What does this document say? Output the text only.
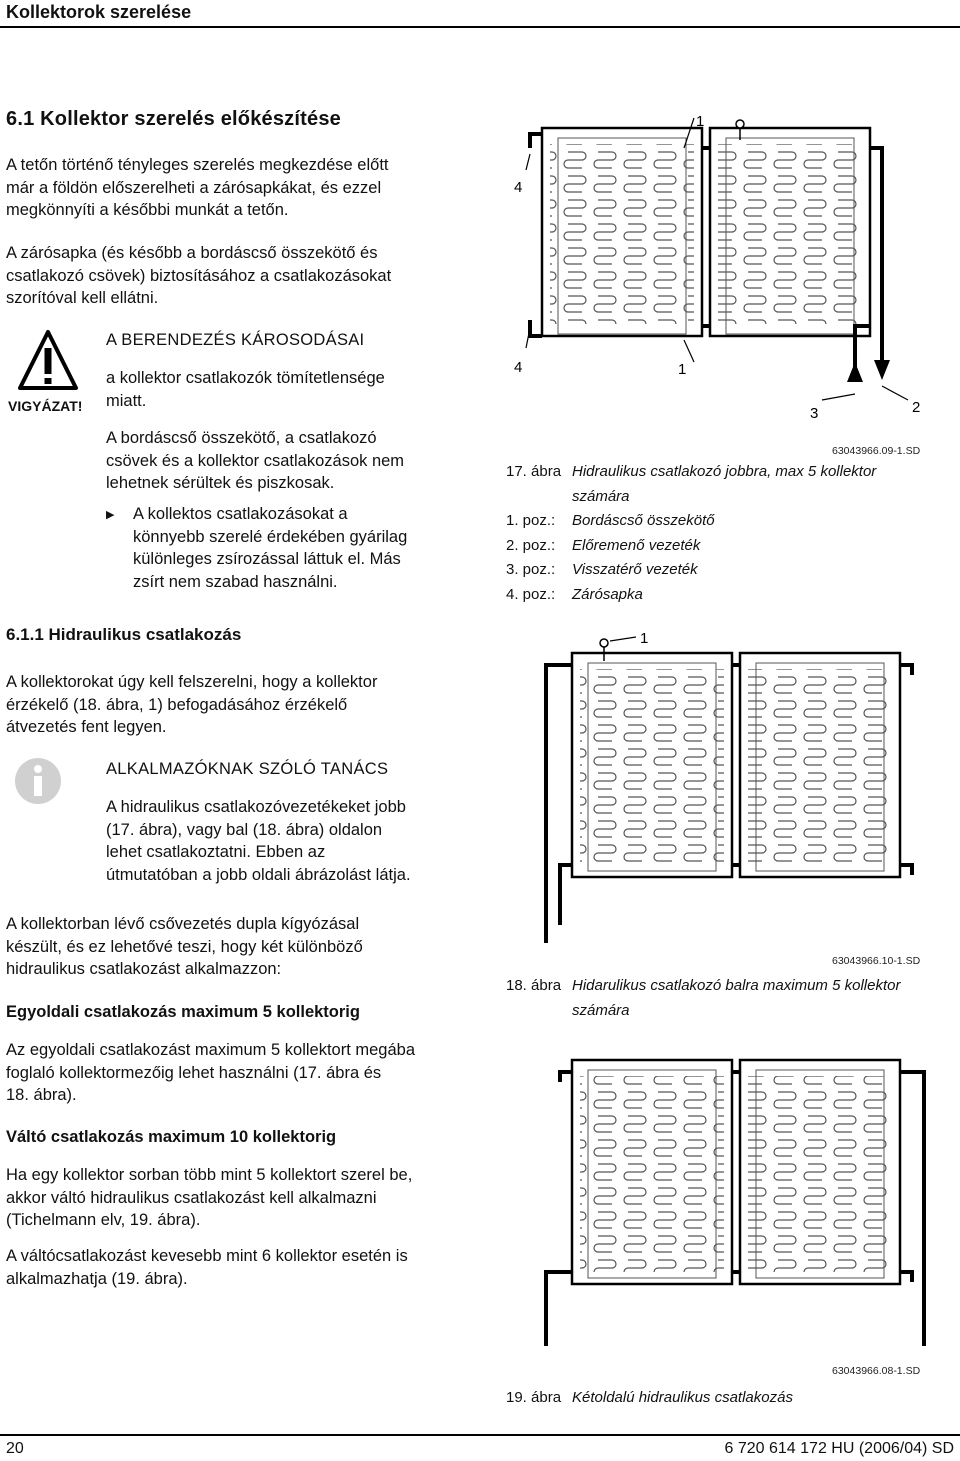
Kollektorok szerelése
6.1 Kollektor szerelés előkészítése
A tetőn történő tényleges szerelés megkezdése előtt
már a földön előszerelheti a zárósapkákat, és ezzel
megkönnyíti a későbbi munkát a tetőn.
A zárósapka (és később a bordáscső összekötő és
csatlakozó csövek) biztosításához a csatlakozásokat
szorítóval kell ellátni.
VIGYÁZAT!
A BERENDEZÉS KÁROSODÁSAI
a kollektor csatlakozók tömítetlensége
miatt.
A bordáscső összekötő, a csatlakozó
csövek és a kollektor csatlakozások nem
lehetnek sérültek és piszkosak.
▶ A kollektos csatlakozásokat a
könnyebb szerelé érdekében gyárilag
különleges zsírozással láttuk el. Más
zsírt nem szabad használni.
6.1.1 Hidraulikus csatlakozás
A kollektorokat úgy kell felszerelni, hogy a kollektor
érzékelő (18. ábra, 1) befogadásához érzékelő
átvezetés fent legyen.
ALKALMAZÓKNAK SZÓLÓ TANÁCS
A hidraulikus csatlakozóvezetékeket jobb
(17. ábra), vagy bal (18. ábra) oldalon
lehet csatlakoztatni. Ebben az
útmutatóban a jobb oldali ábrázolást látja.
A kollektorban lévő csővezetés dupla kígyózásal
készült, és ez lehetővé teszi, hogy két különböző
hidraulikus csatlakozást alkalmazzon:
Egyoldali csatlakozás maximum 5 kollektorig
Az egyoldali csatlakozást maximum 5 kollektort megába
foglaló kollektormezőig lehet használni (17. ábra és
18. ábra).
Váltó csatlakozás maximum 10 kollektorig
Ha egy kollektor sorban több mint 5 kollektort szerel be,
akkor váltó hidraulikus csatlakozást kell alkalmazni
(Tichelmann elv, 19. ábra).
A váltócsatlakozást kevesebb mint 6 kollektor esetén is
alkalmazhatja (19. ábra).
1
1
4
4
3	2
63043966.09-1.SD
17. ábra Hidraulikus csatlakozó jobbra, max 5 kollektor
számára
1. poz.: Bordáscső összekötő
2. poz.: Előremenő vezeték
3. poz.: Visszatérő vezeték
4. poz.: Zárósapka
1
63043966.10-1.SD
18. ábra Hidarulikus csatlakozó balra maximum 5 kollektor
számára
63043966.08-1.SD
19. ábra Kétoldalú hidraulikus csatlakozás
20	6 720 614 172 HU (2006/04) SD
